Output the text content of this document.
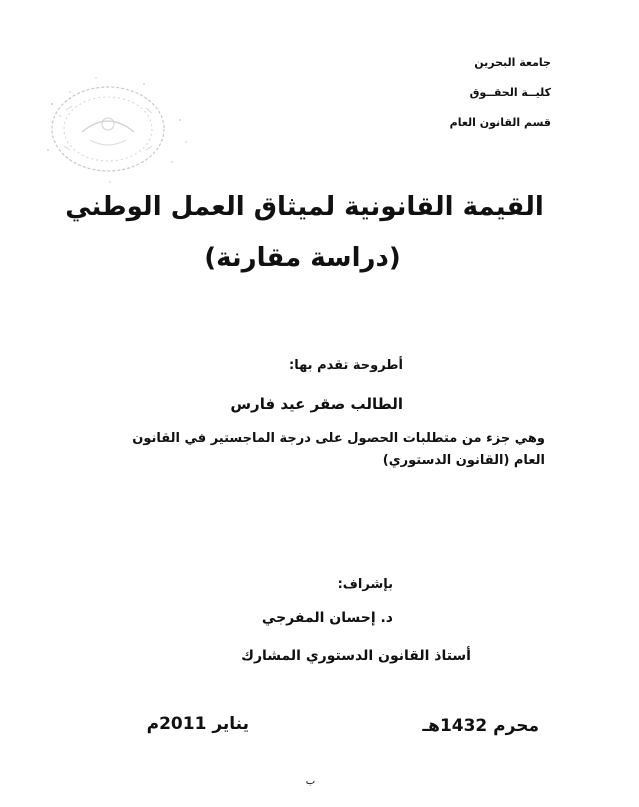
جامعة البحرين
كليــة الحقــوق
قسم القانون العام
القيمة القانونية لميثاق العمل الوطني
(دراسة مقارنة)
أطروحة تقدم بها:
الطالب صقر عيد فارس
وهي جزء من متطلبات الحصول على درجة الماجستير في القانون العام (القانون الدستوري)
بإشراف:
د. إحسان المفرجي
أستاذ القانون الدستوري المشارك
محرم 1432هـ
يناير 2011م
ب
